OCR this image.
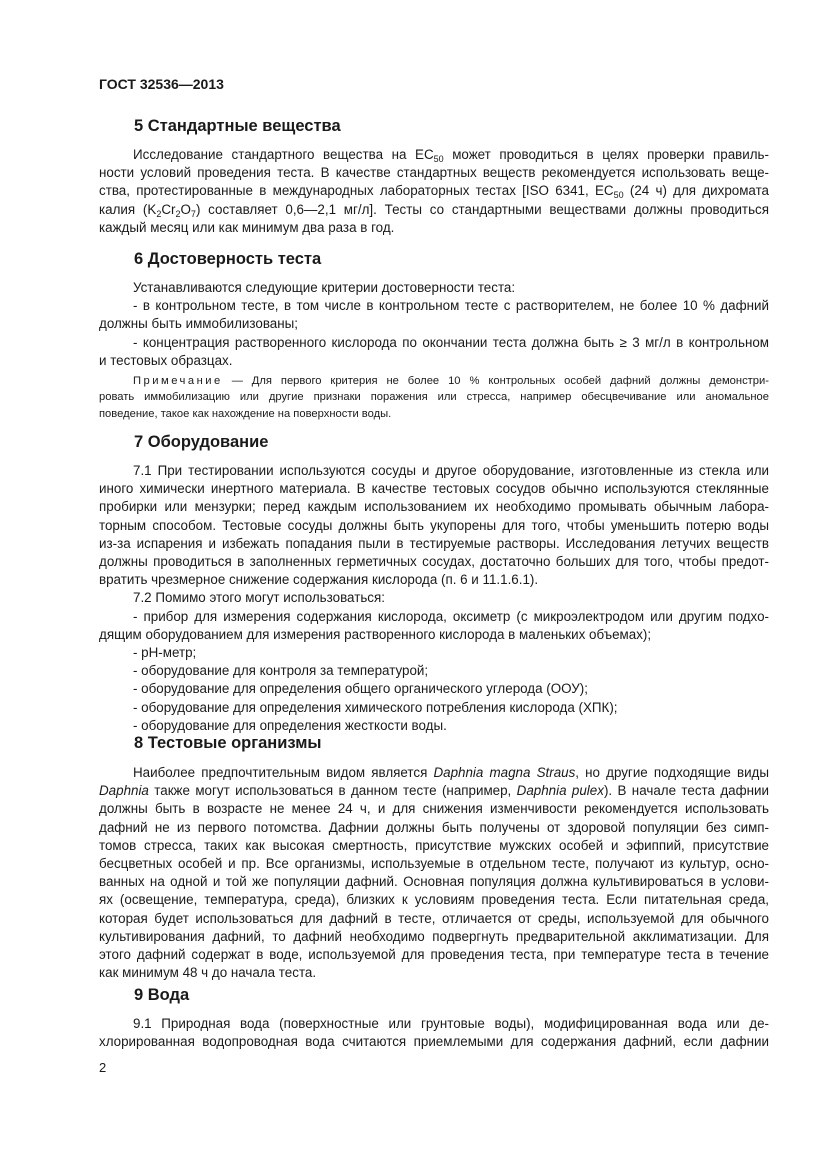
ГОСТ 32536—2013
5 Стандартные вещества

Исследование стандартного вещества на $EC_{50}$ может проводиться в целях проверки правиль-

ности условий проведения теста. В качестве стандартных веществ рекомендуется использовать веще-

ства, протестированные в международных лабораторных тестах [ISO 6341, $EC_{50}$ (24 ч) для дихромата

калия $(K_2Cr_2O_7)$ составляет 0,6—2,1 мг/л]. Тесты со стандартными веществами должны проводиться

каждый месяц или как минимум два раза в год.

6 Достоверность теста

Устанавливаются следующие критерии достоверности теста:

- в контрольном тесте, в том числе в контрольном тесте с растворителем, не более 10 % дафний

должны быть иммобилизованы;

- концентрация растворенного кислорода по окончании теста должна быть ≥ 3 мг/л в контрольном

и тестовых образцах.

Примечание — Для первого критерия не более 10 % контрольных особей дафний должны демонстри-

ровать иммобилизацию или другие признаки поражения или стресса, например обесцвечивание или аномальное

поведение, такое как нахождение на поверхности воды.

7 Оборудование

7.1 При тестировании используются сосуды и другое оборудование, изготовленные из стекла или

иного химически инертного материала. В качестве тестовых сосудов обычно используются стеклянные

пробирки или мензурки; перед каждым использованием их необходимо промывать обычным лабора-

торным способом. Тестовые сосуды должны быть укупорены для того, чтобы уменьшить потерю воды

из-за испарения и избежать попадания пыли в тестируемые растворы. Исследования летучих веществ

должны проводиться в заполненных герметичных сосудах, достаточно больших для того, чтобы предот-

вратить чрезмерное снижение содержания кислорода (п. 6 и 11.1.6.1).

7.2 Помимо этого могут использоваться:

- прибор для измерения содержания кислорода, оксиметр (с микроэлектродом или другим подхо-

дящим оборудованием для измерения растворенного кислорода в маленьких объемах);

- pH-метр;

- оборудование для контроля за температурой;

- оборудование для определения общего органического углерода (ООУ);

- оборудование для определения химического потребления кислорода (ХПК);

- оборудование для определения жесткости воды.

8 Тестовые организмы

Наиболее предпочтительным видом является Daphnia magna Straus, но другие подходящие виды

Daphnia также могут использоваться в данном тесте (например, Daphnia pulex). В начале теста дафнии

должны быть в возрасте не менее 24 ч, и для снижения изменчивости рекомендуется использовать

дафний не из первого потомства. Дафнии должны быть получены от здоровой популяции без симп-

томов стресса, таких как высокая смертность, присутствие мужских особей и эфиппий, присутствие

бесцветных особей и пр. Все организмы, используемые в отдельном тесте, получают из культур, осно-

ванных на одной и той же популяции дафний. Основная популяция должна культивироваться в услови-

ях (освещение, температура, среда), близких к условиям проведения теста. Если питательная среда,

которая будет использоваться для дафний в тесте, отличается от среды, используемой для обычного

культивирования дафний, то дафний необходимо подвергнуть предварительной акклиматизации. Для

этого дафний содержат в воде, используемой для проведения теста, при температуре теста в течение

как минимум 48 ч до начала теста.

9 Вода

9.1 Природная вода (поверхностные или грунтовые воды), модифицированная вода или де-

хлорированная водопроводная вода считаются приемлемыми для содержания дафний, если дафнии

2
